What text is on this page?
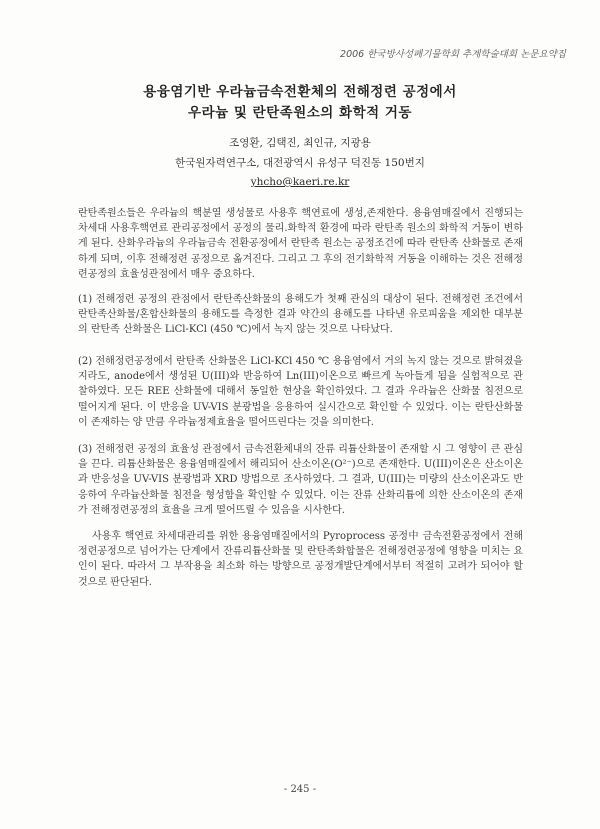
2006 한국방사성폐기물학회 추계학술대회 논문요약집
용융염기반 우라늄금속전환체의 전해정련 공정에서
우라늄 및 란탄족원소의 화학적 거동
조영환, 김택진, 최인규, 지광용
한국원자력연구소, 대전광역시 유성구 덕진동 150번지
yhcho@kaeri.re.kr

란탄족원소들은 우라늄의 핵분열 생성물로 사용후 핵연료에 생성,존재한다. 용융염매질에서 진행되는 차세대 사용후핵연료 관리공정에서 공정의 물리.화학적 환경에 따라 란탄족 원소의 화학적 거동이 변하게 된다. 산화우라늄의 우라늄금속 전환공정에서 란탄족 원소는 공정조건에 따라 란탄족 산화물로 존재하게 되며, 이후 전해정련 공정으로 옮겨진다. 그리고 그 후의 전기화학적 거동을 이해하는 것은 전해정련공정의 효율성관점에서 매우 중요하다.

(1) 전해정련 공정의 관점에서 란탄족산화물의 용해도가 첫째 관심의 대상이 된다. 전해정련 조건에서 란탄족산화물/혼합산화물의 용해도를 측정한 결과 약간의 용해도를 나타낸 유로피움을 제외한 대부분의 란탄족 산화물은 LiCl-KCl (450 ℃)에서 녹지 않는 것으로 나타났다.

(2) 전해정련공정에서 란탄족 산화물은 LiCl-KCl 450 ℃ 용융염에서 거의 녹지 않는 것으로 밝혀졌을 지라도, anode에서 생성된 U(III)와 반응하여 Ln(III)이온으로 빠르게 녹아들게 됨을 실험적으로 관찰하였다. 모든 REE 산화물에 대해서 동일한 현상을 확인하였다. 그 결과 우라늄은 산화물 침전으로 떨어지게 된다. 이 반응을 UV-VIS 분광법을 응용하여 실시간으로 확인할 수 있었다. 이는 란탄산화물이 존재하는 양 만큼 우라늄정제효율을 떨어뜨린다는 것을 의미한다.

(3) 전해정련 공정의 효율성 관점에서 금속전환체내의 잔류 리튬산화물이 존재할 시 그 영향이 큰 관심을 끈다. 리튬산화물은 용융염매질에서 해리되어 산소이온(O²⁻)으로 존재한다. U(III)이온은 산소이온과 반응성을 UV-VIS 분광법과 XRD 방법으로 조사하였다. 그 결과, U(III)는 미량의 산소이온과도 반응하여 우라늄산화물 침전을 형성함을 확인할 수 있었다. 이는 잔류 산화리튬에 의한 산소이온의 존재가 전해정련공정의 효율을 크게 떨어뜨릴 수 있음을 시사한다.

사용후 핵연료 차세대관리를 위한 용융염매질에서의 Pyroprocess 공정中 금속전환공정에서 전해정련공정으로 넘어가는 단계에서 잔류리튬산화물 및 란탄족화합물은 전해정련공정에 영향을 미치는 요인이 된다. 따라서 그 부작용을 최소화 하는 방향으로 공정개발단계에서부터 적절히 고려가 되어야 할 것으로 판단된다.

- 245 -
